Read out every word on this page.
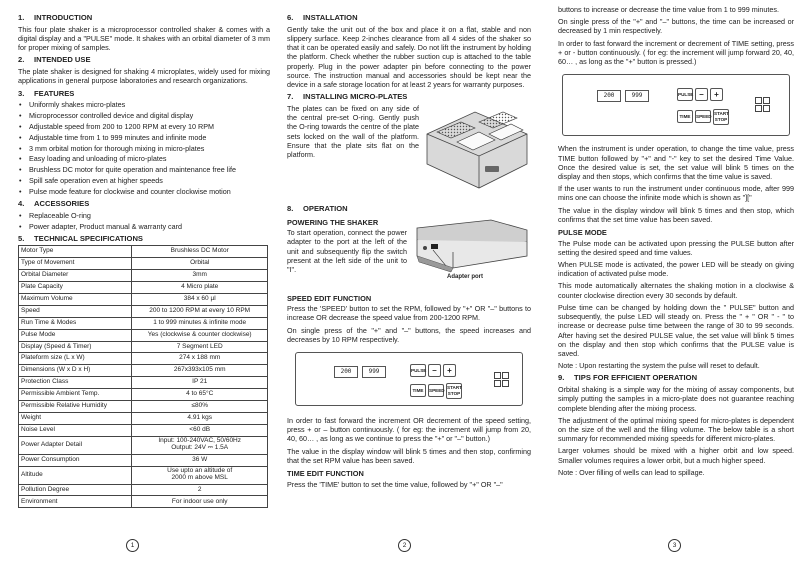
1. INTRODUCTION

This four plate shaker is a microprocessor controlled shaker & comes with a digital display and a "PULSE" mode. It shakes with an orbital diameter of 3 mm for proper mixing of samples.

2. INTENDED USE

The plate shaker is designed for shaking 4 microplates, widely used for mixing applications in general purpose laboratories and research organizations.

3. FEATURES
• Uniformly shakes micro-plates
• Microprocessor controlled device and digital display
• Adjustable speed from 200 to 1200 RPM at every 10 RPM
• Adjustable time from 1 to 999 minutes and infinite mode
• 3 mm orbital motion for thorough mixing in micro-plates
• Easy loading and unloading of micro-plates
• Brushless DC motor for quite operation and maintenance free life
• Spill safe operation even at higher speeds
• Pulse mode feature for clockwise and counter clockwise motion
4. ACCESSORIES
• Replaceable O-ring
• Power adapter, Product manual & warranty card
5. TECHNICAL SPECIFICATIONS
Motor Type	Brushless DC Motor
Type of Movement	Orbital
Orbital Diameter	3mm
Plate Capacity	4 Micro plate
Maximum Volume	384 x 60 µl
Speed	200 to 1200 RPM at every 10 RPM
Run Time & Modes	1 to 999 minutes & infinite mode
Pulse Mode	Yes (clockwise & counter clockwise)
Display (Speed & Timer)	7 Segment LED
Plateform size (L x W)	274 x 188 mm
Dimensions (W x D x H)	267x393x105 mm
Protection Class	IP 21
Permissible Ambient Temp.	4 to 65°C
Permissible Relative Humidity	≤80%
Weight	4.91 kgs
Noise Level	<60 dB
Power Adapter Detail	Input: 100-240VAC, 50/60Hz
Output: 24V ⎓ 1.5A
Power Consumption	36 W
Altitude	Use upto an altitude of
2000 m above MSL
Pollution Degree	2
Environment	For indoor use only
1
6. INSTALLATION

Gently take the unit out of the box and place it on a flat, stable and non slippery surface. Keep 2-inches clearance from all 4 sides of the shaker so that it can be operated easily and safely. Do not lift the instrument by holding the platform. Check whether the rubber suction cup is attached to the table properly. Plug in the power adapter pin before connecting to the power source. The instruction manual and accessories should be kept near the device in a safe storage location for at least 2 years for warranty purposes.

7. INSTALLING MICRO-PLATES

The plates can be fixed on any side of the central pre-set O-ring. Gently push the O-ring towards the centre of the plate sets locked on the wall of the platform. Ensure that the plate sits flat on the platform.

8. OPERATION
Adapter port
POWERING THE SHAKER

To start operation, connect the power adapter to the port at the left of the unit and subsequently flip the switch present at the left side of the unit to "I".

SPEED EDIT FUNCTION

Press the 'SPEED' button to set the RPM, followed by "+" OR "–" buttons to increase OR decrease the speed value from 200-1200 RPM.

On single press of the "+" and "–" buttons, the speed increases and decreases by 10 RPM respectively.

200	999	PULSE –	+
TIME	SPEED
START
STOP

In order to fast forward the increment OR decrement of the speed setting, press + or – button continuously. ( for eg: the increment will jump from 20, 40, 60… , as long as we continue to press the "+" or "–" button.)

The value in the display window will blink 5 times and then stop, confirming that the set RPM value has been saved.

TIME EDIT FUNCTION

Press the 'TIME' button to set the time value, followed by "+" OR "–"

2

buttons to increase or decrease the time value from 1 to 999 minutes.

On single press of the "+" and "–" buttons, the time can be increased or decreased by 1 min respectively.

In order to fast forward the increment or decrement of TIME setting, press + or - button continuously. ( for eg: the increment will jump forward 20, 40, 60… , as long as the "+" button is pressed.)

200	999	PULSE –	+
TIME	SPEED
START
STOP

When the instrument is under operation, to change the time value, press TIME button followed by "+" and "-" key to set the desired Time Value. Once the desired value is set, the set value will blink 5 times on the display and then stops, which confirms that the time value is saved.

If the user wants to run the instrument under continuous mode, after 999 mins one can choose the infinite mode which is shown as "]["

The value in the display window will blink 5 times and then stop, which confirms that the set time value has been saved.

PULSE MODE

The Pulse mode can be activated upon pressing the PULSE button after setting the desired speed and time values.

When PULSE mode is activated, the power LED will be steady on giving indication of activated pulse mode.

This mode automatically alternates the shaking motion in a clockwise & counter clockwise direction every 30 seconds by default.

Pulse time can be changed by holding down the " PULSE" button and subsequently, the pulse LED will steady on. Press the " + " OR " - " to increase or decrease pulse time between the range of 30 to 99 seconds. After having set the desired PULSE value, the set value will blink 5 times on the display and then stop which confirms that the PULSE value is saved.

Note : Upon restarting the system the pulse will reset to default.

9. TIPS FOR EFFICIENT OPERATION

Orbital shaking is a simple way for the mixing of assay components, but simply putting the samples in a micro-plate does not guarantee reaching complete blending after the mixing process.

The adjustment of the optimal mixing speed for micro-plates is dependent on the size of the well and the filling volume. The below table is a short summary for recommended mixing speeds for different micro-plates.

Larger volumes should be mixed with a higher orbit and low speed. Smaller volumes requires a lower orbit, but a much higher speed.

Note : Over filling of wells can lead to spillage.

3
